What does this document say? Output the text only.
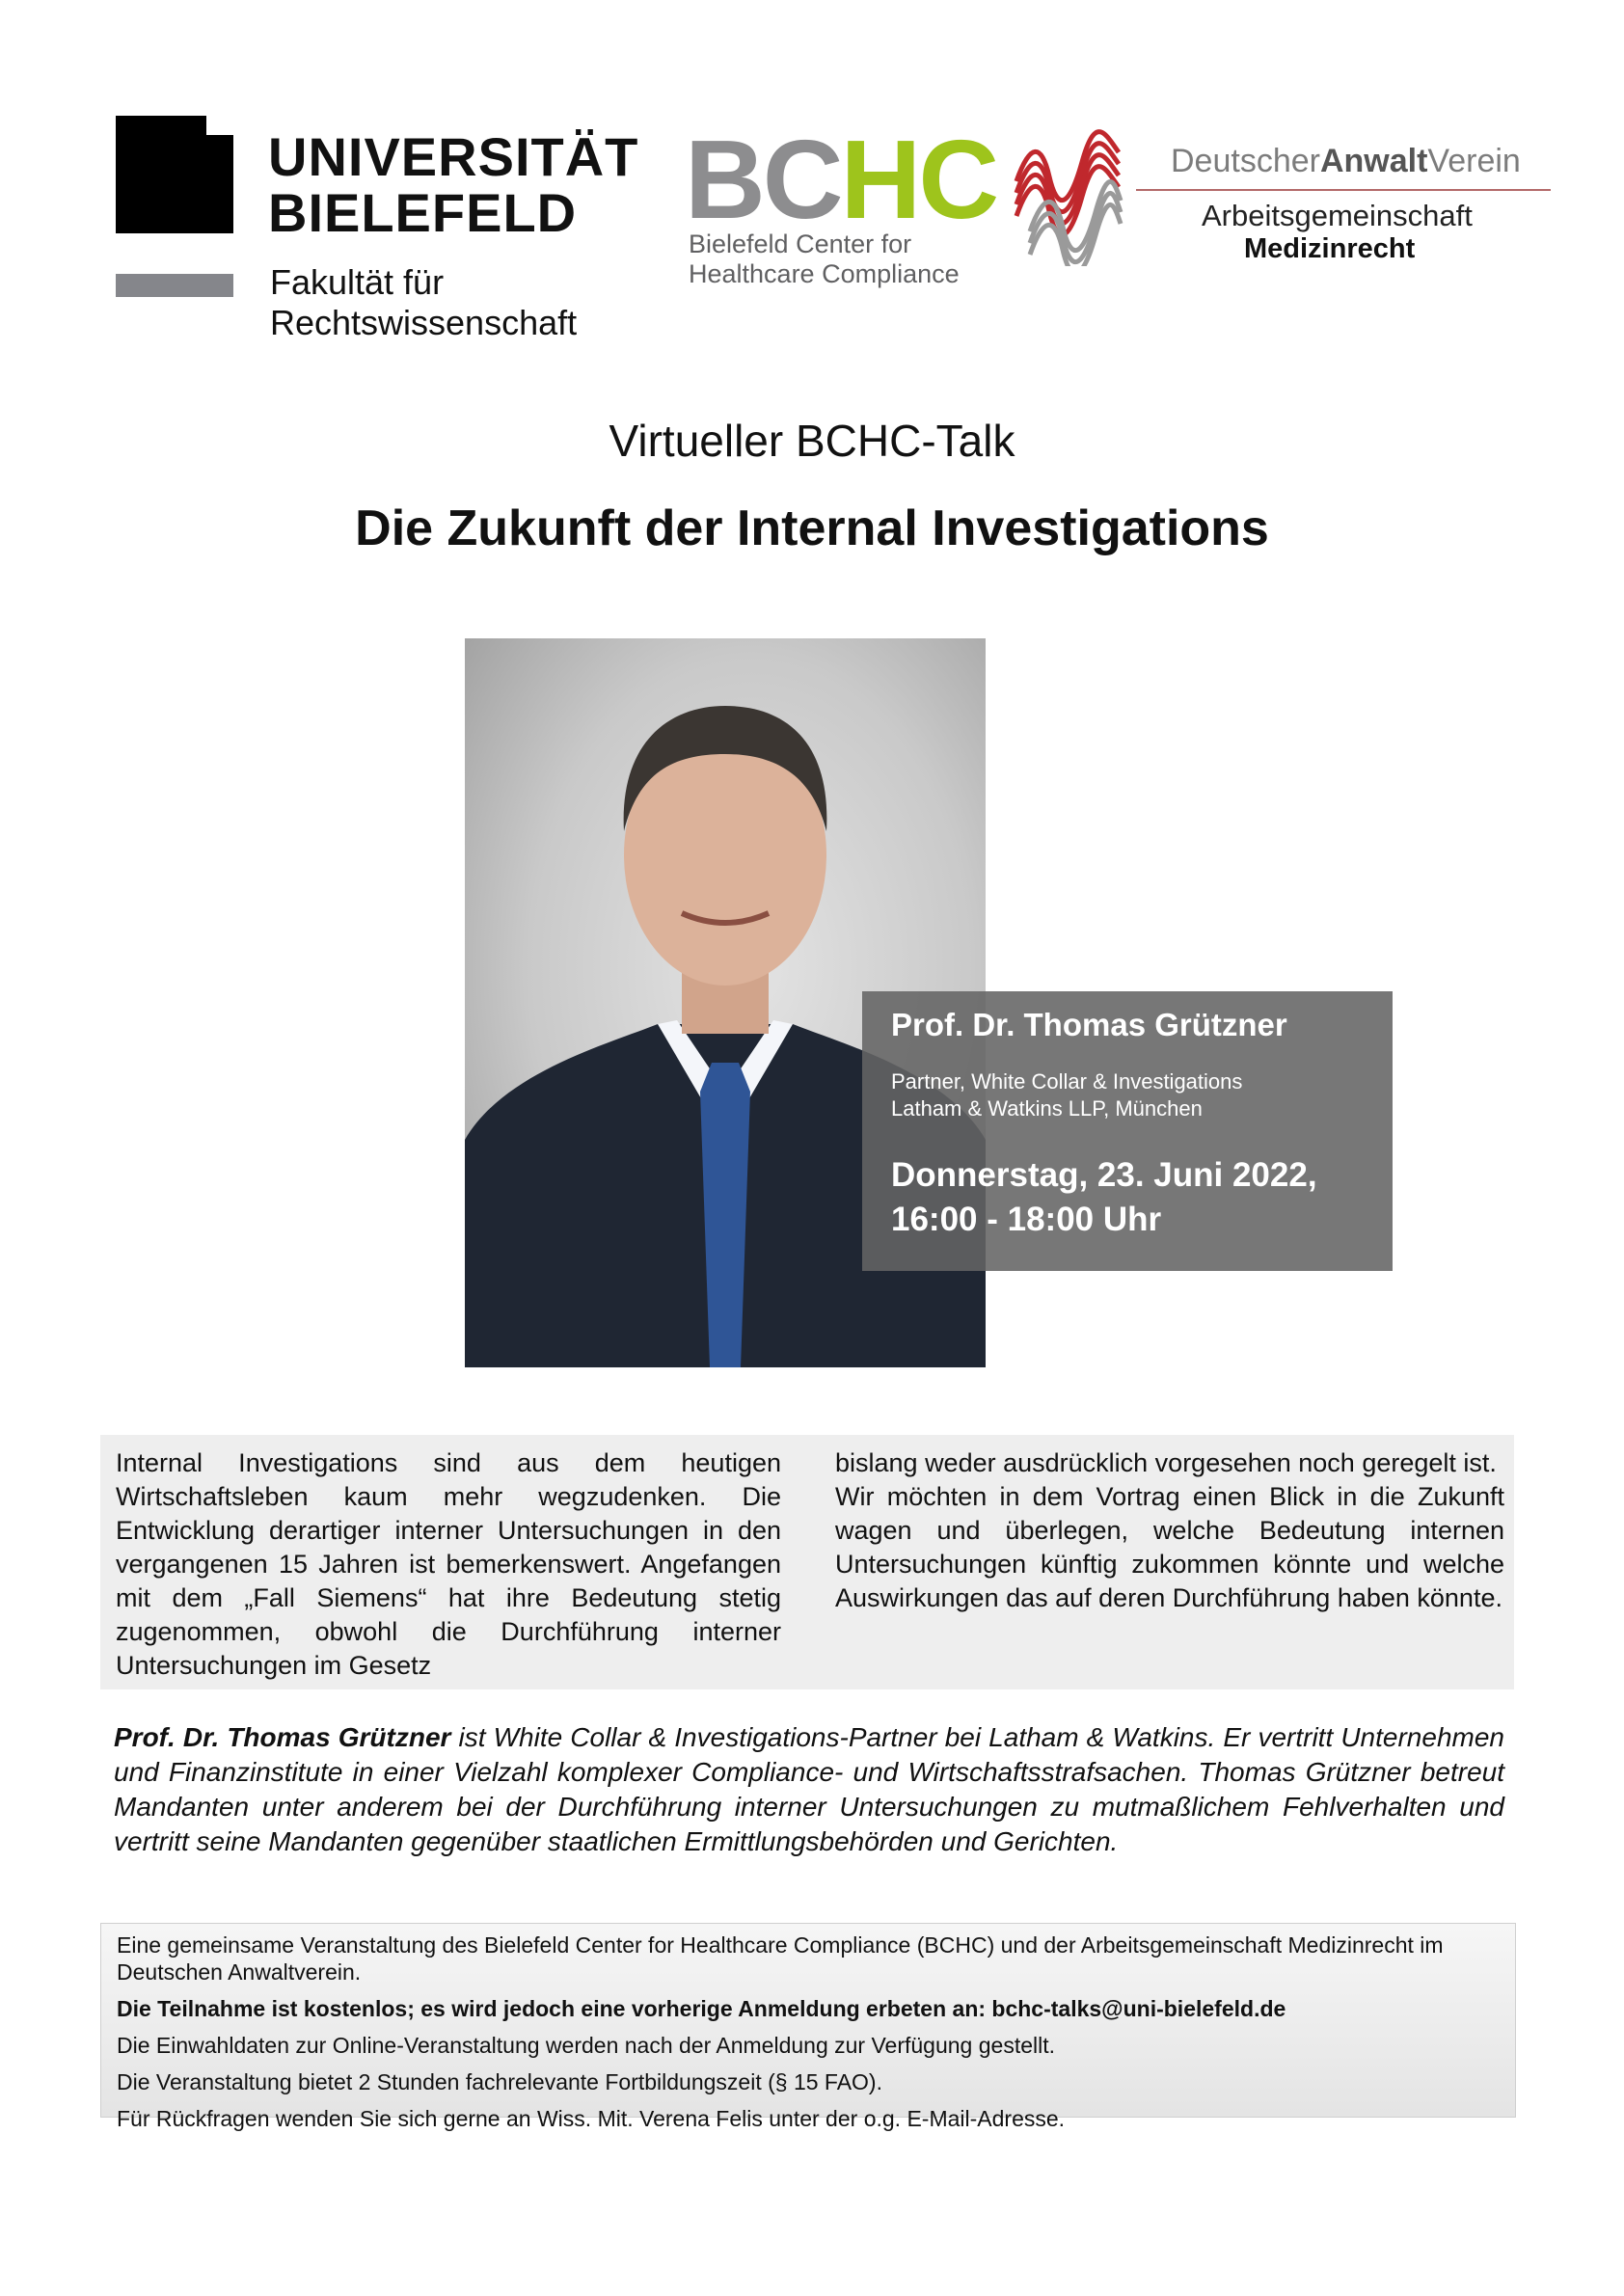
UNIVERSITÄT
BIELEFELD
Fakultät für
Rechtswissenschaft
BCHC
Bielefeld Center for
Healthcare Compliance
DeutscherAnwaltVerein
Arbeitsgemeinschaft
Medizinrecht
Virtueller BCHC-Talk
Die Zukunft der Internal Investigations
Prof. Dr. Thomas Grützner
Partner, White Collar & Investigations
Latham & Watkins LLP, München
Donnerstag, 23. Juni 2022,
16:00 - 18:00 Uhr
Internal Investigations sind aus dem heutigen Wirtschaftsleben kaum mehr wegzudenken. Die Entwicklung derartiger interner Untersuchungen in den vergangenen 15 Jahren ist bemerkenswert. Angefangen mit dem „Fall Siemens“ hat ihre Bedeutung stetig zugenommen, obwohl die Durchführung interner Untersuchungen im Gesetz
bislang weder ausdrücklich vorgesehen noch geregelt ist.
Wir möchten in dem Vortrag einen Blick in die Zukunft wagen und überlegen, welche Bedeutung internen Untersuchungen künftig zukommen könnte und welche Auswirkungen das auf deren Durchführung haben könnte.
Prof. Dr. Thomas Grützner ist White Collar & Investigations-Partner bei Latham & Watkins. Er vertritt Unternehmen und Finanzinstitute in einer Vielzahl komplexer Compliance- und Wirtschaftsstrafsachen. Thomas Grützner betreut Mandanten unter anderem bei der Durchführung interner Untersuchungen zu mutmaßlichem Fehlverhalten und vertritt seine Mandanten gegenüber staatlichen Ermittlungsbehörden und Gerichten.

Eine gemeinsame Veranstaltung des Bielefeld Center for Healthcare Compliance (BCHC) und der Arbeitsgemeinschaft Medizinrecht im Deutschen Anwaltverein.

Die Teilnahme ist kostenlos; es wird jedoch eine vorherige Anmeldung erbeten an: bchc-talks@uni-bielefeld.de

Die Einwahldaten zur Online-Veranstaltung werden nach der Anmeldung zur Verfügung gestellt.

Die Veranstaltung bietet 2 Stunden fachrelevante Fortbildungszeit (§ 15 FAO).

Für Rückfragen wenden Sie sich gerne an Wiss. Mit. Verena Felis unter der o.g. E-Mail-Adresse.
